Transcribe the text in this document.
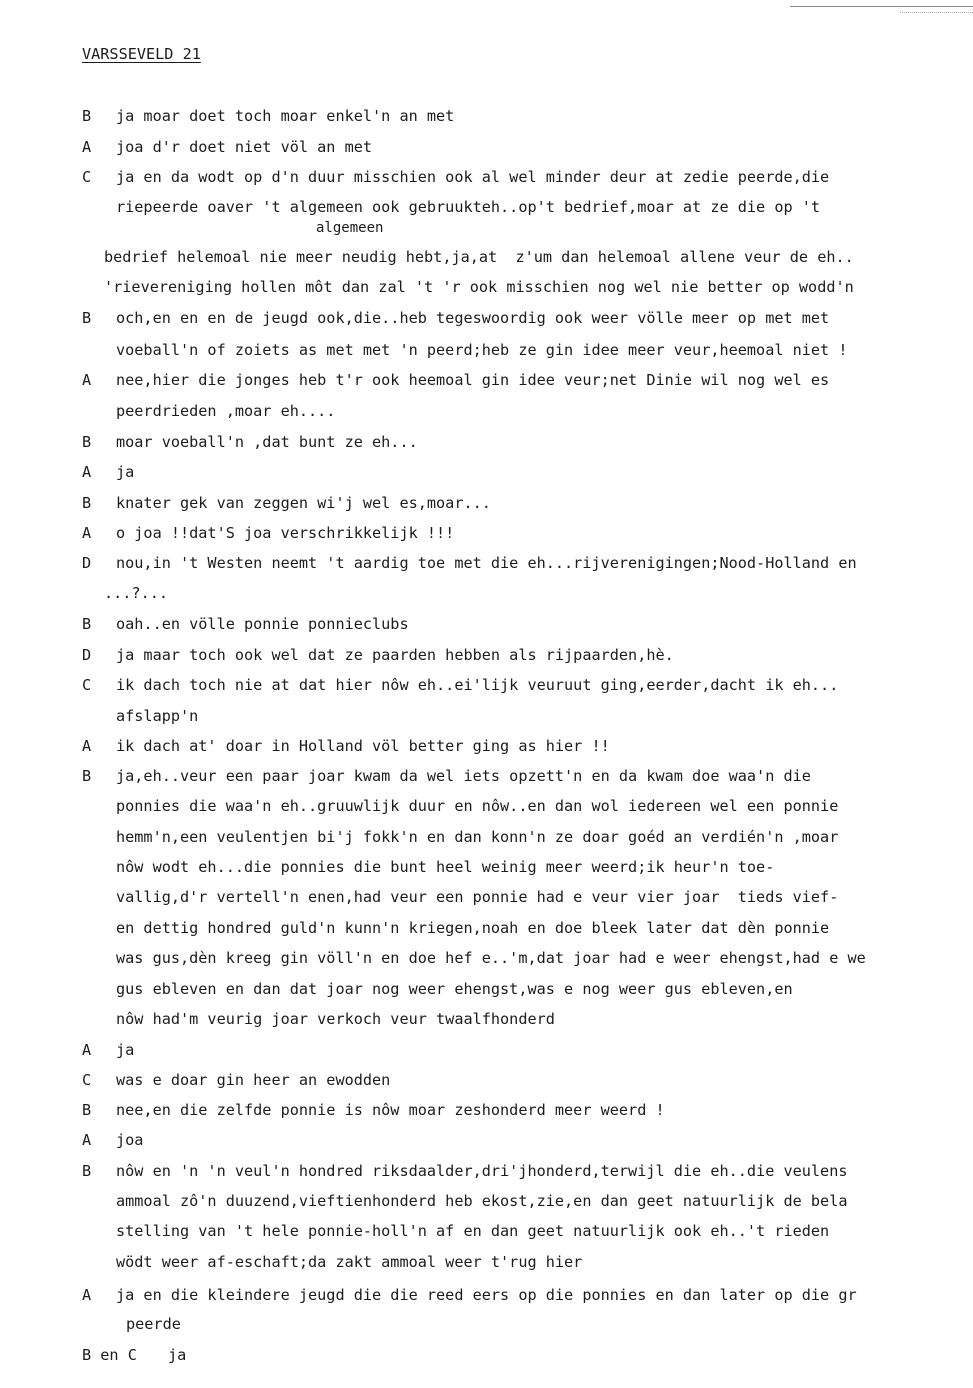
VARSSEVELD 21
B ja moar doet toch moar enkel'n an met
A joa d'r doet niet völ an met
C ja en da wodt op d'n duur misschien ook al wel minder deur at zedie peerde,die
riepeerde oaver 't algemeen ook gebruukteh..op't bedrief,moar at ze die op 't
algemeen
bedrief helemoal nie meer neudig hebt,ja,at  z'um dan helemoal allene veur de eh..
'rievereniging hollen môt dan zal 't 'r ook misschien nog wel nie better op wodd'n
B och,en en en de jeugd ook,die..heb tegeswoordig ook weer völle meer op met met
voeball'n of zoiets as met met 'n peerd;heb ze gin idee meer veur,heemoal niet !
A nee,hier die jonges heb t'r ook heemoal gin idee veur;net Dinie wil nog wel es
peerdrieden ,moar eh....
B moar voeball'n ,dat bunt ze eh...
A ja
B knater gek van zeggen wi'j wel es,moar...
A o joa !!dat'S joa verschrikkelijk !!!
D nou,in 't Westen neemt 't aardig toe met die eh...rijverenigingen;Nood-Holland en
...?...
B oah..en völle ponnie ponnieclubs
D ja maar toch ook wel dat ze paarden hebben als rijpaarden,hè.
C ik dach toch nie at dat hier nôw eh..ei'lijk veuruut ging,eerder,dacht ik eh...
afslapp'n
A ik dach at' doar in Holland völ better ging as hier !!
B ja,eh..veur een paar joar kwam da wel iets opzett'n en da kwam doe waa'n die
ponnies die waa'n eh..gruuwlijk duur en nôw..en dan wol iedereen wel een ponnie
hemm'n,een veulentjen bi'j fokk'n en dan konn'n ze doar goéd an verdién'n ,moar
nôw wodt eh...die ponnies die bunt heel weinig meer weerd;ik heur'n toe-
vallig,d'r vertell'n enen,had veur een ponnie had e veur vier joar  tieds vief-
en dettig hondred guld'n kunn'n kriegen,noah en doe bleek later dat dèn ponnie
was gus,dèn kreeg gin völl'n en doe hef e..'m,dat joar had e weer ehengst,had e we
gus ebleven en dan dat joar nog weer ehengst,was e nog weer gus ebleven,en
nôw had'm veurig joar verkoch veur twaalfhonderd
A ja
C was e doar gin heer an ewodden
B nee,en die zelfde ponnie is nôw moar zeshonderd meer weerd !
A joa
B nôw en 'n 'n veul'n hondred riksdaalder,dri'jhonderd,terwijl die eh..die veulens
ammoal zô'n duuzend,vieftienhonderd heb ekost,zie,en dan geet natuurlijk de bela
stelling van 't hele ponnie-holl'n af en dan geet natuurlijk ook eh..'t rieden
wödt weer af-eschaft;da zakt ammoal weer t'rug hier
A ja en die kleindere jeugd die die reed eers op die ponnies en dan later op die gr
peerde
B en C ja
